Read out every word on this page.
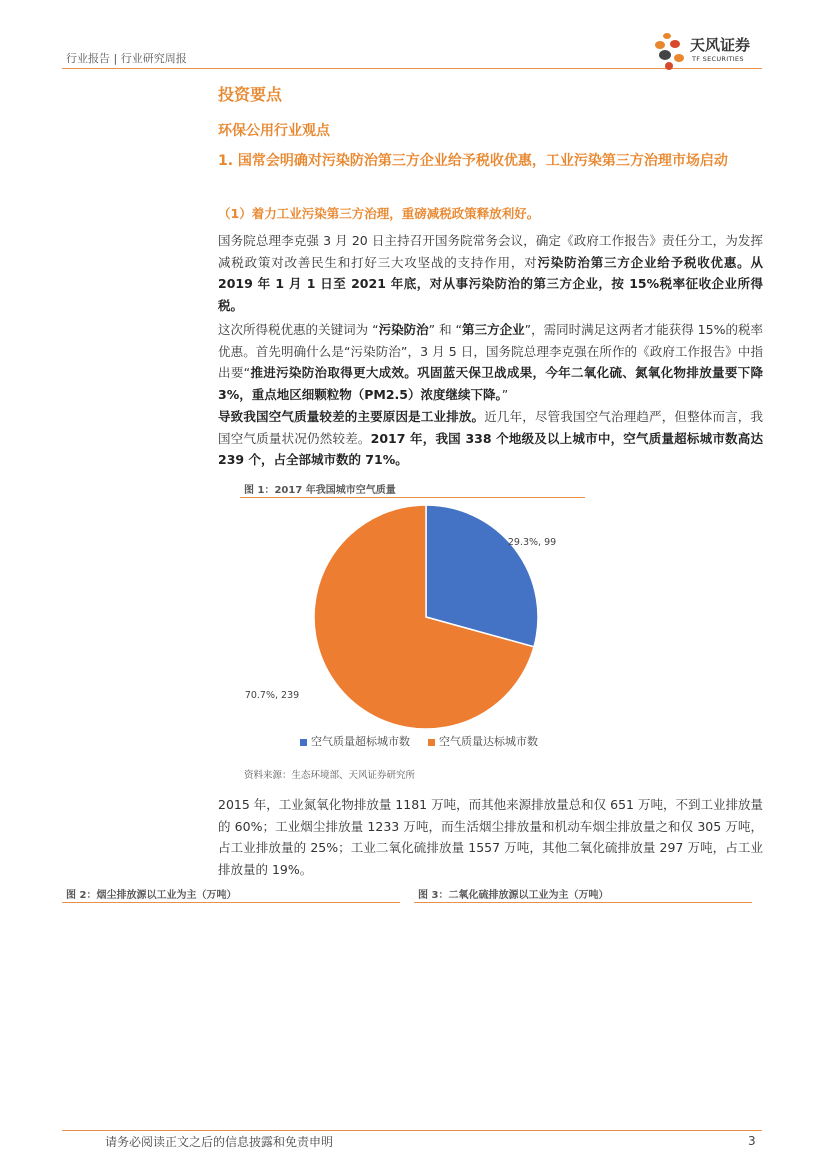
行业报告 | 行业研究周报
天风证券
TF SECURITIES
投资要点
环保公用行业观点
1. 国常会明确对污染防治第三方企业给予税收优惠，工业污染第三方治理市场启动
（1）着力工业污染第三方治理，重磅减税政策释放利好。
国务院总理李克强 3 月 20 日主持召开国务院常务会议，确定《政府工作报告》责任分工，为发挥减税政策对改善民生和打好三大攻坚战的支持作用，对污染防治第三方企业给予税收优惠。从 2019 年 1 月 1 日至 2021 年底，对从事污染防治的第三方企业，按 15%税率征收企业所得税。
这次所得税优惠的关键词为 “污染防治” 和 “第三方企业”，需同时满足这两者才能获得 15%的税率优惠。首先明确什么是“污染防治”，3 月 5 日，国务院总理李克强在所作的《政府工作报告》中指出要“推进污染防治取得更大成效。巩固蓝天保卫战成果，今年二氧化硫、氮氧化物排放量要下降 3%，重点地区细颗粒物（PM2.5）浓度继续下降。”
导致我国空气质量较差的主要原因是工业排放。近几年，尽管我国空气治理趋严，但整体而言，我国空气质量状况仍然较差。2017 年，我国 338 个地级及以上城市中，空气质量超标城市数高达 239 个，占全部城市数的 71%。
图 1：2017 年我国城市空气质量
29.3%, 99
70.7%, 239
空气质量超标城市数	空气质量达标城市数
资料来源：生态环境部、天风证券研究所
2015 年，工业氮氧化物排放量 1181 万吨，而其他来源排放量总和仅 651 万吨，不到工业排放量的 60%；工业烟尘排放量 1233 万吨，而生活烟尘排放量和机动车烟尘排放量之和仅 305 万吨，占工业排放量的 25%；工业二氧化硫排放量 1557 万吨，其他二氧化硫排放量 297 万吨，占工业排放量的 19%。
图 2：烟尘排放源以工业为主（万吨）	图 3：二氧化硫排放源以工业为主（万吨）
请务必阅读正文之后的信息披露和免责申明	3
